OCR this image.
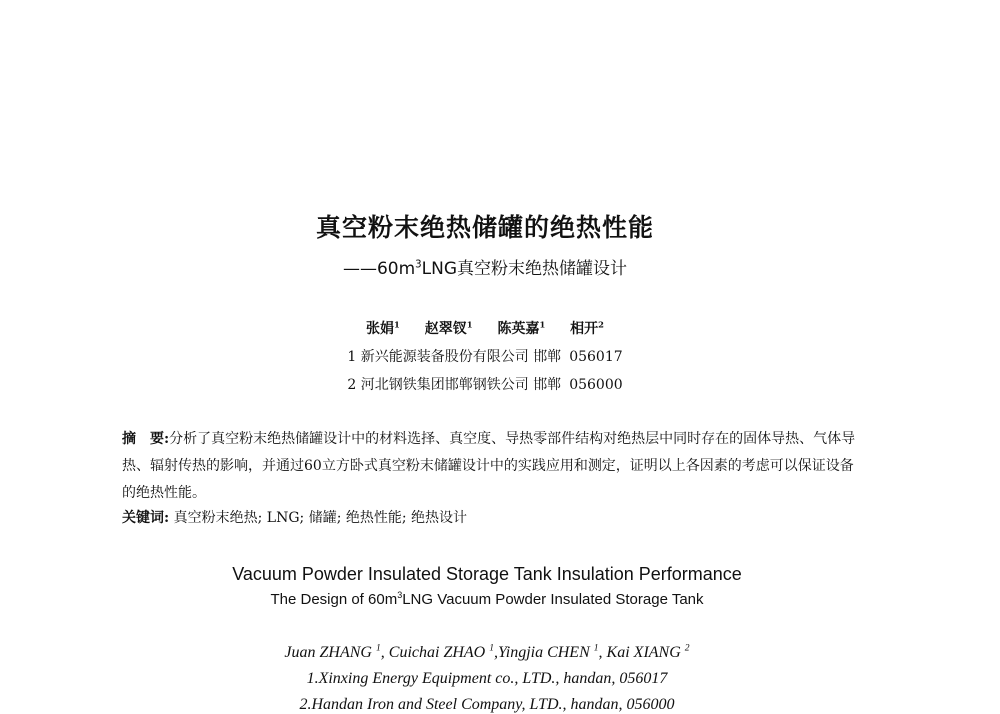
真空粉末绝热储罐的绝热性能
$——60m^3LNG$真空粉末绝热储罐设计
张娟$^1$ 赵翠钗$^1$ 陈英嘉$^1$ 相开$^2$
1 新兴能源装备股份有限公司 邯郸 056017
2 河北钢铁集团邯郸钢铁公司 邯郸 056000
摘　要:分析了真空粉末绝热储罐设计中的材料选择、真空度、导热零部件结构对绝热层中同时存在的固体导热、气体导热、辐射传热的影响，并通过60立方卧式真空粉末储罐设计中的实践应用和测定，证明以上各因素的考虑可以保证设备的绝热性能。
关键词: 真空粉末绝热; LNG; 储罐; 绝热性能; 绝热设计
Vacuum Powder Insulated Storage Tank Insulation Performance
The Design of $60m^3LNG$ Vacuum Powder Insulated Storage Tank
Juan ZHANG $^1$, Cuichai ZHAO $^1$,Yingjia CHEN $^1$, Kai XIANG $^2$
1.Xinxing Energy Equipment co., LTD., handan, 056017
2.Handan Iron and Steel Company, LTD., handan, 056000
